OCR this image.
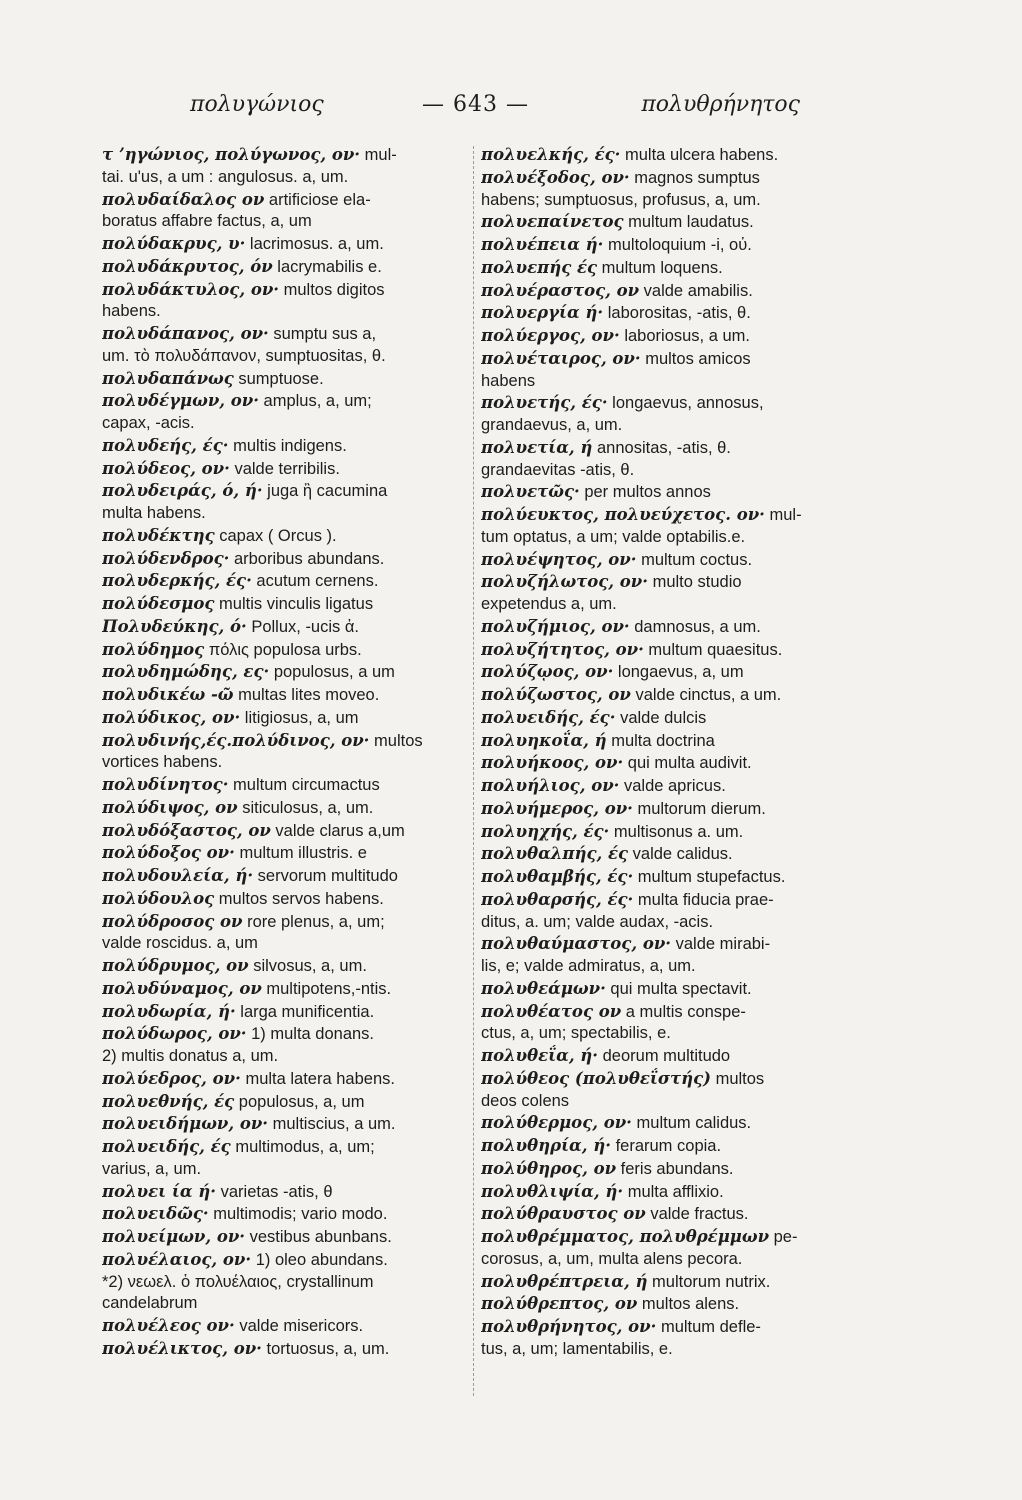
πολυγώνιος	— 643 —	πολυθρήνητος
τ ʼηγώνιος, πολύγωνος, ον· mul-
tai. u'us, a um : angulosus. a, um.
πολυδαίδαλος ον artificiose ela-
boratus affabre factus, a, um
πολύδακρυς, υ· lacrimosus. a, um.
πολυδάκρυτος, όν lacrymabilis e.
πολυδάκτυλος, ον· multos digitos
habens.
πολυδάπανος, ον· sumptu sus a,
um. τὸ πολυδάπανον, sumptuositas, θ.
πολυδαπάνως sumptuose.
πολυδέγμων, ον· amplus, a, um;
capax, -acis.
πολυδεής, ές· multis indigens.
πολύδεος, ον· valde terribilis.
πολυδειράς, ό, ή· juga ἢ cacumina
multa habens.
πολυδέκτης capax ( Orcus ).
πολύδενδρος· arboribus abundans.
πολυδερκής, ές· acutum cernens.
πολύδεσμος multis vinculis ligatus
Πολυδεύκης, ό· Pollux, -ucis ἀ.
πολύδημος πόλις populosa urbs.
πολυδημώδης, ες· populosus, a um
πολυδικέω -ῶ multas lites moveo.
πολύδικος, ον· litigiosus, a, um
πολυδινής,ές.πολύδινος, ον· multos
vortices habens.
πολυδίνητος· multum circumactus
πολύδιψος, ον siticulosus, a, um.
πολυδόξαστος, ον valde clarus a,um
πολύδοξος ον· multum illustris. e
πολυδουλεία, ή· servorum multitudo
πολύδουλος multos servos habens.
πολύδροσος ον rore plenus, a, um;
valde roscidus. a, um
πολύδρυμος, ον silvosus, a, um.
πολυδύναμος, ον multipotens,-ntis.
πολυδωρία, ή· larga munificentia.
πολύδωρος, ον· 1) multa donans.
2) multis donatus a, um.
πολύεδρος, ον· multa latera habens.
πολυεθνής, ές populosus, a, um
πολυειδήμων, ον· multiscius, a um.
πολυειδής, ές multimodus, a, um;
varius, a, um.
πολυει ία ή· varietas -atis, θ
πολυειδῶς· multimodis; vario modo.
πολυείμων, ον· vestibus abunbans.
πολυέλαιος, ον· 1) oleo abundans.
*2) νεωελ. ὁ πολυέλαιος, crystallinum
candelabrum
πολυέλεος ον· valde misericors.
πολυέλικτος, ον· tortuosus, a, um.
πολυελκής, ές· multa ulcera habens.
πολυέξοδος, ον· magnos sumptus
habens; sumptuosus, profusus, a, um.
πολυεπαίνετος multum laudatus.
πολυέπεια ή· multoloquium -i, οὐ.
πολυεπής ές multum loquens.
πολυέραστος, ον valde amabilis.
πολυεργία ή· laborositas, -atis, θ.
πολύεργος, ον· laboriosus, a um.
πολυέταιρος, ον· multos amicos
habens
πολυετής, ές· longaevus, annosus,
grandaevus, a, um.
πολυετία, ή annositas, -atis, θ.
grandaevitas -atis, θ.
πολυετῶς· per multos annos
πολύευκτος, πολυεύχετος. ον· mul-
tum optatus, a um; valde optabilis.e.
πολυέψητος, ον· multum coctus.
πολυζήλωτος, ον· multo studio
expetendus a, um.
πολυζήμιος, ον· damnosus, a um.
πολυζήτητος, ον· multum quaesitus.
πολύζῳος, ον· longaevus, a, um
πολύζωστος, ον valde cinctus, a um.
πολυειδής, ές· valde dulcis
πολυηκοΐα, ή multa doctrina
πολυήκοος, ον· qui multa audivit.
πολυήλιος, ον· valde apricus.
πολυήμερος, ον· multorum dierum.
πολυηχής, ές· multisonus a. um.
πολυθαλπής, ές valde calidus.
πολυθαμβής, ές· multum stupefactus.
πολυθαρσής, ές· multa fiducia prae-
ditus, a. um; valde audax, -acis.
πολυθαύμαστος, ον· valde mirabi-
lis, e; valde admiratus, a, um.
πολυθεάμων· qui multa spectavit.
πολυθέατος ον a multis conspe-
ctus, a, um; spectabilis, e.
πολυθεΐα, ή· deorum multitudo
πολύθεος (πολυθεΐστής) multos
deos colens
πολύθερμος, ον· multum calidus.
πολυθηρία, ή· ferarum copia.
πολύθηρος, ον feris abundans.
πολυθλιψία, ή· multa afflixio.
πολύθραυστος ον valde fractus.
πολυθρέμματος, πολυθρέμμων pe-
corosus, a, um, multa alens pecora.
πολυθρέπτρεια, ή multorum nutrix.
πολύθρεπτος, ον multos alens.
πολυθρήνητος, ον· multum defle-
tus, a, um; lamentabilis, e.
